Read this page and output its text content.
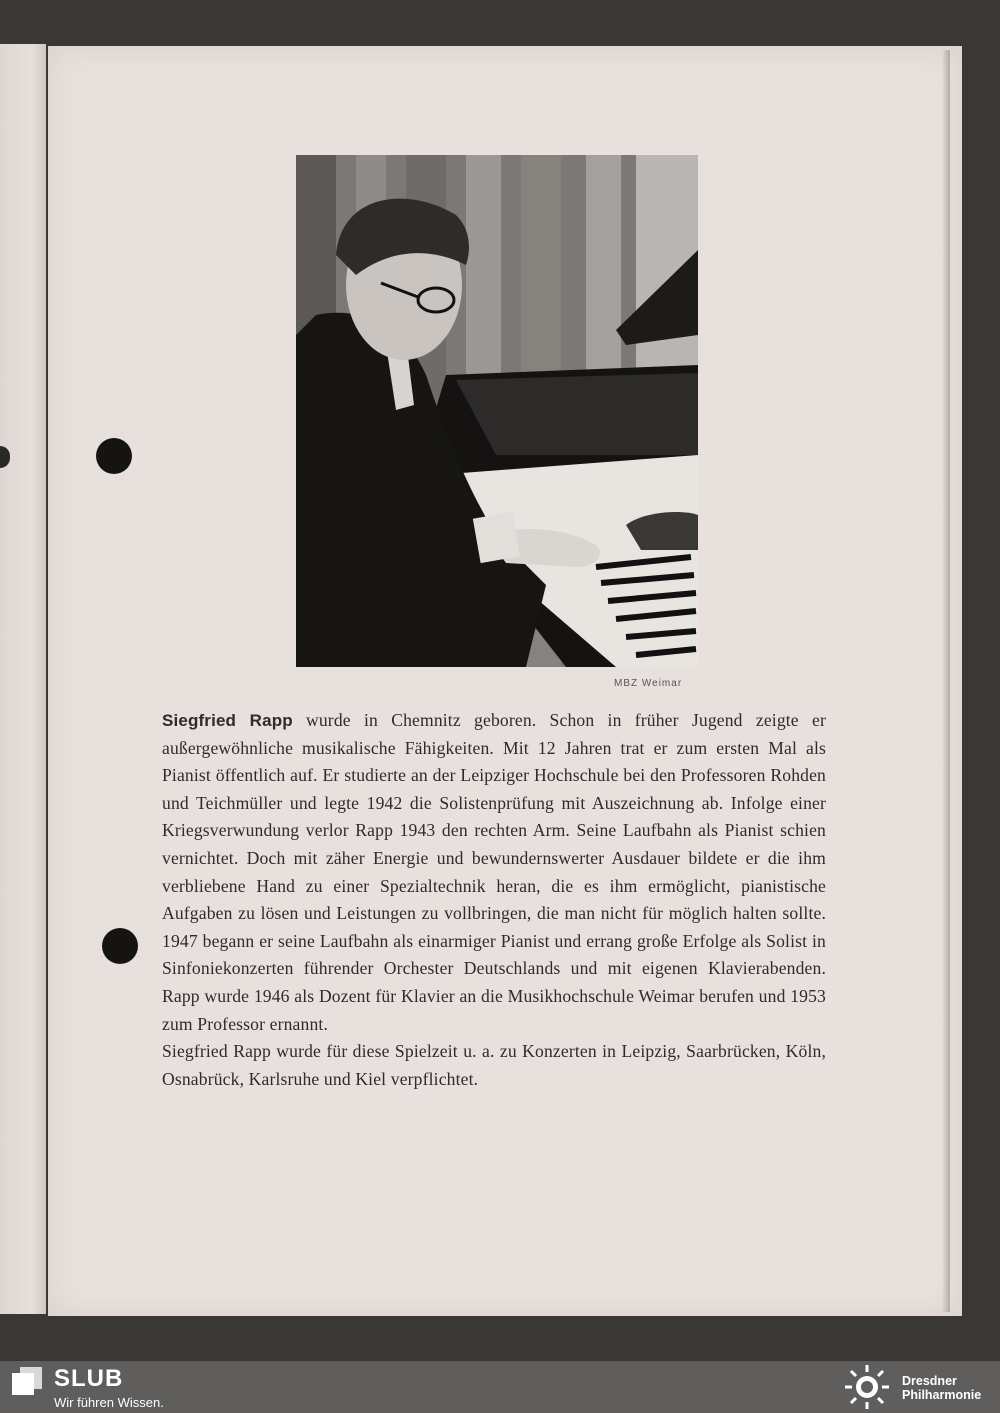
MBZ Weimar

Siegfried Rapp wurde in Chemnitz geboren. Schon in früher Jugend zeigte er außergewöhnliche musikalische Fähigkeiten. Mit 12 Jahren trat er zum ersten Mal als Pianist öffentlich auf. Er studierte an der Leipziger Hochschule bei den Professoren Rohden und Teichmüller und legte 1942 die Solistenprüfung mit Auszeichnung ab. Infolge einer Kriegsverwundung verlor Rapp 1943 den rechten Arm. Seine Laufbahn als Pianist schien vernichtet. Doch mit zäher Energie und bewundernswerter Ausdauer bildete er die ihm verbliebene Hand zu einer Spezialtechnik heran, die es ihm ermöglicht, pianistische Aufgaben zu lösen und Leistungen zu vollbringen, die man nicht für möglich halten sollte. 1947 begann er seine Laufbahn als einarmiger Pianist und errang große Erfolge als Solist in Sinfoniekonzerten führender Orchester Deutschlands und mit eigenen Klavierabenden. Rapp wurde 1946 als Dozent für Klavier an die Musikhochschule Weimar berufen und 1953 zum Professor ernannt.

Siegfried Rapp wurde für diese Spielzeit u. a. zu Konzerten in Leipzig, Saarbrücken, Köln, Osnabrück, Karlsruhe und Kiel verpflichtet.

SLUB
Wir führen Wissen.
Dresdner
Philharmonie
